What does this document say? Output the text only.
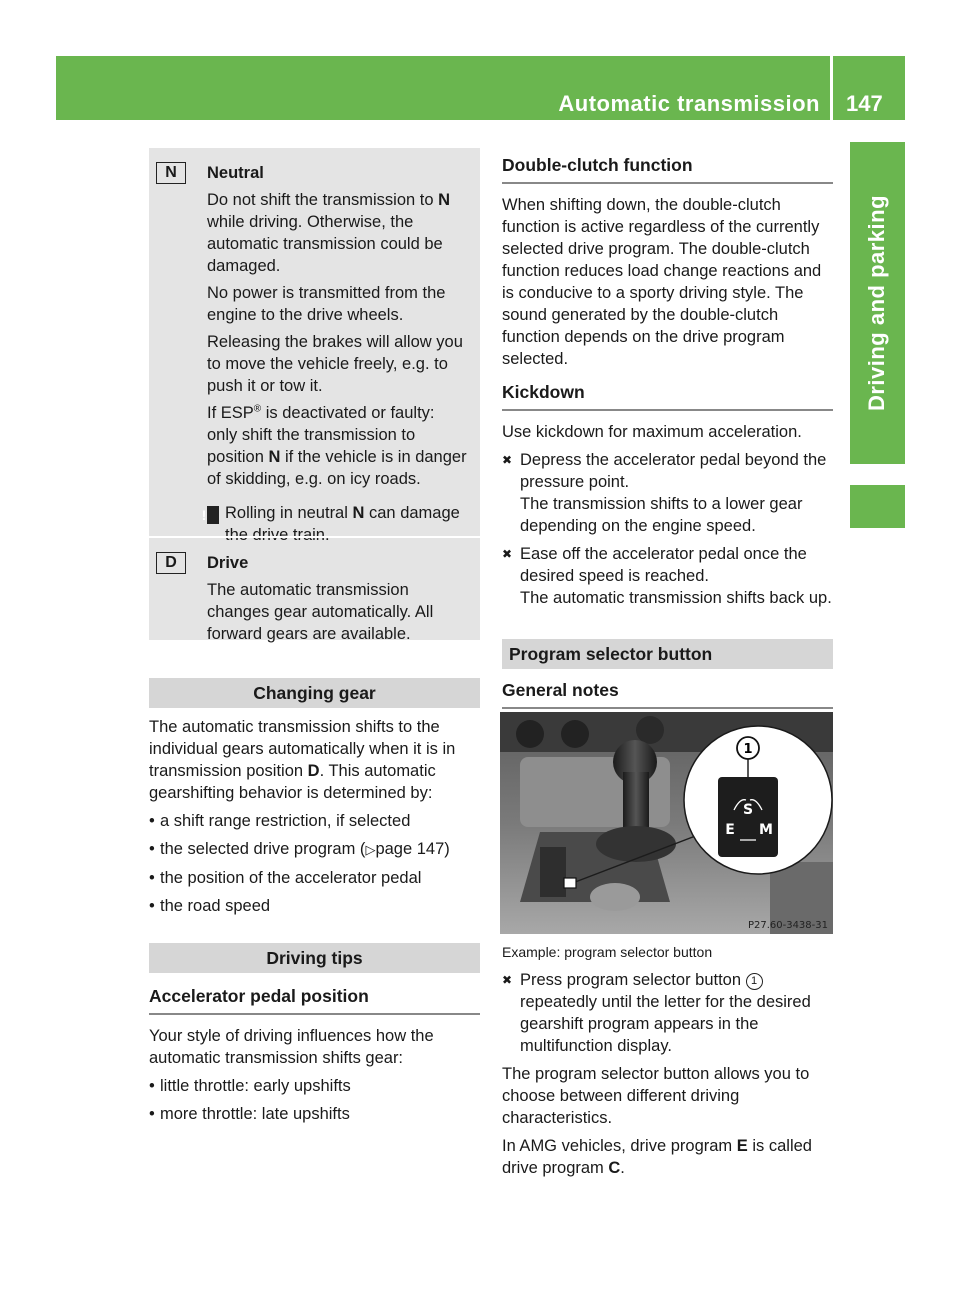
Automatic transmission 147
Driving and parking
N	Neutral

Do not shift the transmission to N while driving. Otherwise, the automatic transmission could be damaged.

No power is transmitted from the engine to the drive wheels.

Releasing the brakes will allow you to move the vehicle freely, e.g. to push it or tow it.

If ESP® is deactivated or faulty: only shift the transmission to position N if the vehicle is in danger of skidding, e.g. on icy roads.

! Rolling in neutral N can damage the drive train.

D	Drive

The automatic transmission changes gear automatically. All forward gears are available.

Changing gear

The automatic transmission shifts to the individual gears automatically when it is in transmission position D. This automatic gearshifting behavior is determined by:

• a shift range restriction, if selected
• the selected drive program (▷page 147)
• the position of the accelerator pedal
• the road speed
Driving tips
Accelerator pedal position

Your style of driving influences how the automatic transmission shifts gear:

• little throttle: early upshifts
• more throttle: late upshifts
Double-clutch function

When shifting down, the double-clutch function is active regardless of the currently selected drive program. The double-clutch function reduces load change reactions and is conducive to a sporty driving style. The sound generated by the double-clutch function depends on the drive program selected.

Kickdown

Use kickdown for maximum acceleration.

✖ Depress the accelerator pedal beyond the pressure point.
The transmission shifts to a lower gear depending on the engine speed.
✖ Ease off the accelerator pedal once the desired speed is reached.
The automatic transmission shifts back up.
Program selector button
General notes
S
E M
1
P27.60-3438-31
Example: program selector button
✖ Press program selector button 1 repeatedly until the letter for the desired gearshift program appears in the multifunction display.

The program selector button allows you to choose between different driving characteristics.

In AMG vehicles, drive program E is called drive program C.
